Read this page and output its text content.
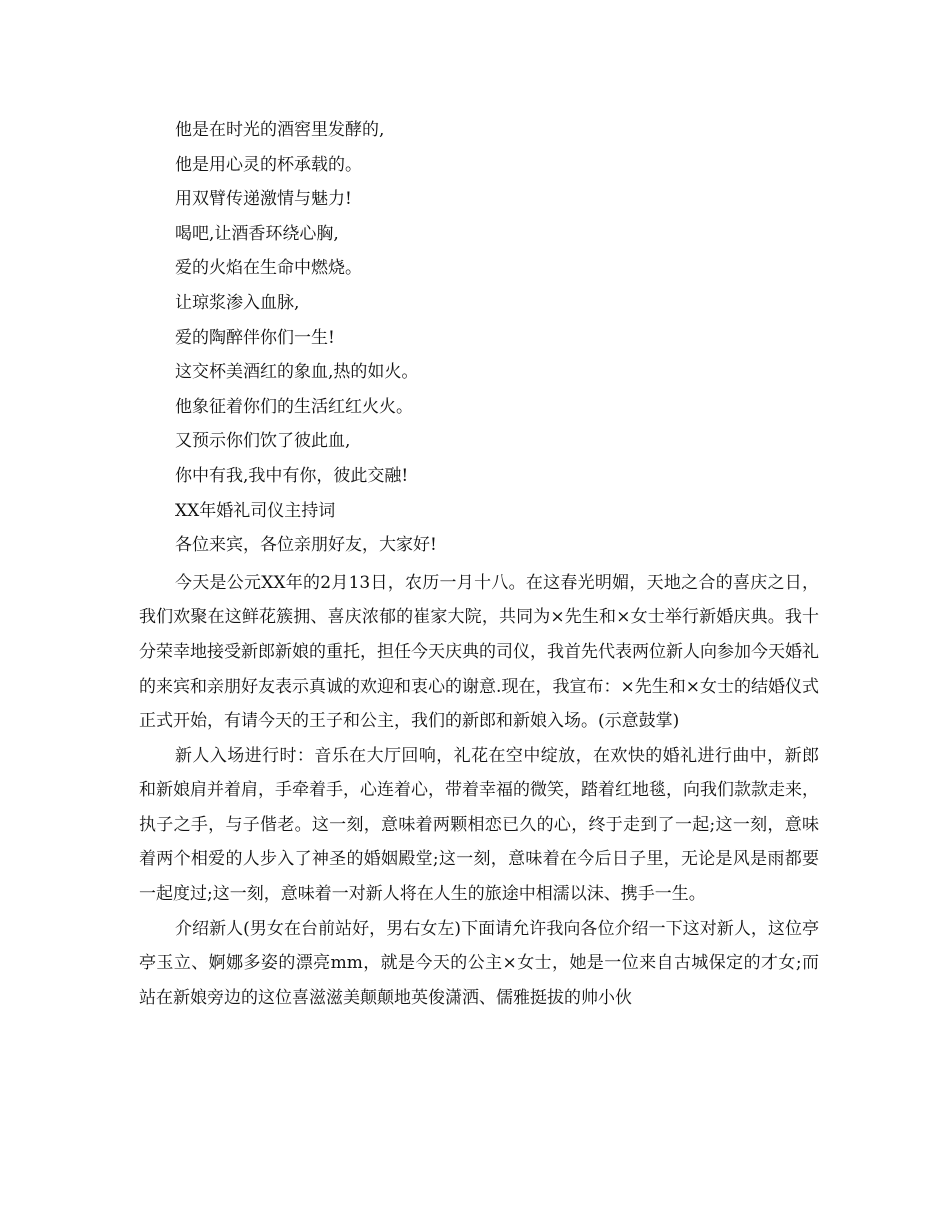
他是在时光的酒窖里发酵的,
他是用心灵的杯承载的。
用双臂传递激情与魅力!
喝吧,让酒香环绕心胸,
爱的火焰在生命中燃烧。
让琼浆渗入血脉,
爱的陶醉伴你们一生!
这交杯美酒红的象血,热的如火。
他象征着你们的生活红红火火。
又预示你们饮了彼此血,
你中有我,我中有你，彼此交融!
XX年婚礼司仪主持词
各位来宾，各位亲朋好友，大家好!

今天是公元XX年的2月13日，农历一月十八。在这春光明媚，天地之合的喜庆之日，我们欢聚在这鲜花簇拥、喜庆浓郁的崔家大院，共同为×先生和×女士举行新婚庆典。我十分荣幸地接受新郎新娘的重托，担任今天庆典的司仪，我首先代表两位新人向参加今天婚礼的来宾和亲朋好友表示真诚的欢迎和衷心的谢意.现在，我宣布：×先生和×女士的结婚仪式正式开始，有请今天的王子和公主，我们的新郎和新娘入场。(示意鼓掌)

新人入场进行时：音乐在大厅回响，礼花在空中绽放，在欢快的婚礼进行曲中，新郎和新娘肩并着肩，手牵着手，心连着心，带着幸福的微笑，踏着红地毯，向我们款款走来，执子之手，与子偕老。这一刻，意味着两颗相恋已久的心，终于走到了一起;这一刻，意味着两个相爱的人步入了神圣的婚姻殿堂;这一刻，意味着在今后日子里，无论是风是雨都要一起度过;这一刻，意味着一对新人将在人生的旅途中相濡以沫、携手一生。

介绍新人(男女在台前站好，男右女左)下面请允许我向各位介绍一下这对新人，这位亭亭玉立、婀娜多姿的漂亮mm，就是今天的公主×女士，她是一位来自古城保定的才女;而站在新娘旁边的这位喜滋滋美颠颠地英俊潇洒、儒雅挺拔的帅小伙
